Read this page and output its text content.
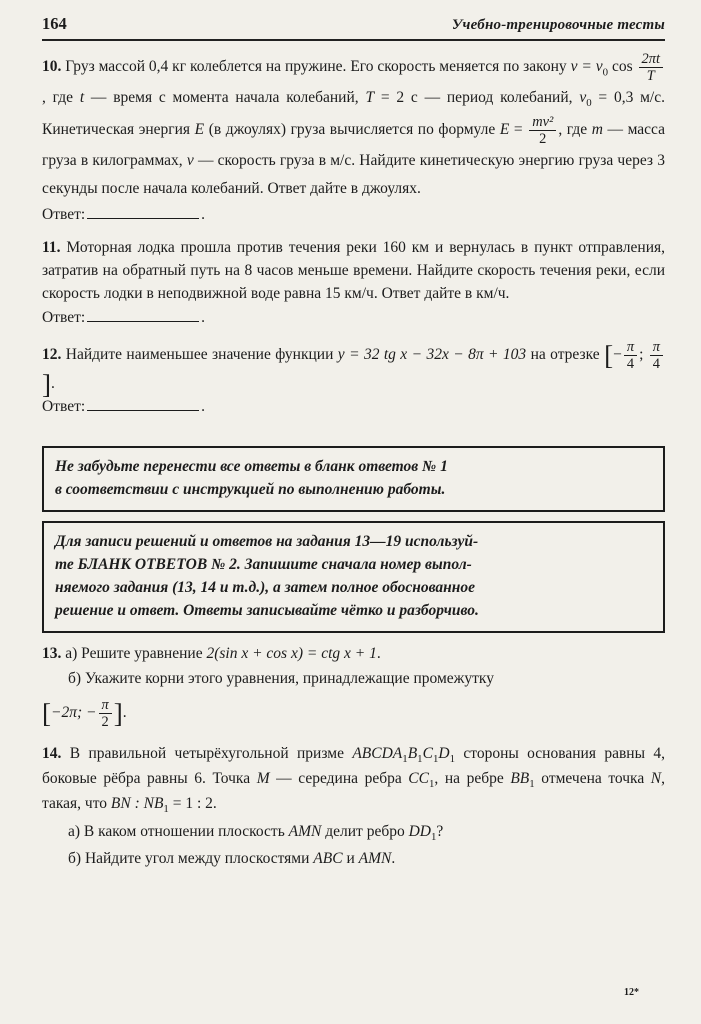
164	Учебно-тренировочные тесты

10. Груз массой 0,4 кг колеблется на пружине. Его скорость меняется по закону $v = v_0$ $\cos \frac{2\pi t}{T}$
, где t — время с момента начала колебаний, T = 2 с — период колебаний, $v_0 = 0,3$ м/с. Кинетическая энергия E (в джоулях) груза вычисляется по формуле $E = \frac{\text{mv²}}{2}$ , где m — масса груза в килограммах, v — скорость груза в м/с. Найдите кинетическую энергию груза через 3 секунды после начала колебаний. Ответ дайте в джоулях.

Ответ:	.

11. Моторная лодка прошла против течения реки 160 км и вернулась в пункт отправления, затратив на обратный путь на 8 часов меньше времени. Найдите скорость течения реки, если скорость лодки в неподвижной воде равна 15 км/ч. Ответ дайте в км/ч.

Ответ:	.

12. Найдите наименьшее значение функции y = 32 tg x − 32x − 8π + 103 на отрезке [− $\frac{\pi}{4}$ ; $\frac{\pi}{4}$
].

Ответ:	.
Не забудьте перенести все ответы в бланк ответов № 1
в соответствии с инструкцией по выполнению работы.
Для записи решений и ответов на задания 13—19 используй-
те БЛАНК ОТВЕТОВ № 2. Запишите сначала номер выпол-
няемого задания (13, 14 и т.д.), а затем полное обоснованное
решение и ответ. Ответы записывайте чётко и разборчиво.

13. а) Решите уравнение 2(sin x + cos x) = ctg x + 1.

б) Укажите корни этого уравнения, принадлежащие промежутку

[−2π; − $\frac{\pi}{2}$ ].

14. В правильной четырёхугольной призме $ABCDA_1B_1C_1D_1$ стороны основания равны 4, боковые рёбра равны 6. Точка M — середина ребра $CC_1$, на ребре $BB_1$ отмечена точка N, такая, что BN : $NB_1 = 1$ : 2.

а) В каком отношении плоскость AMN делит ребро $DD_1$?

б) Найдите угол между плоскостями ABC и AMN.

12*
